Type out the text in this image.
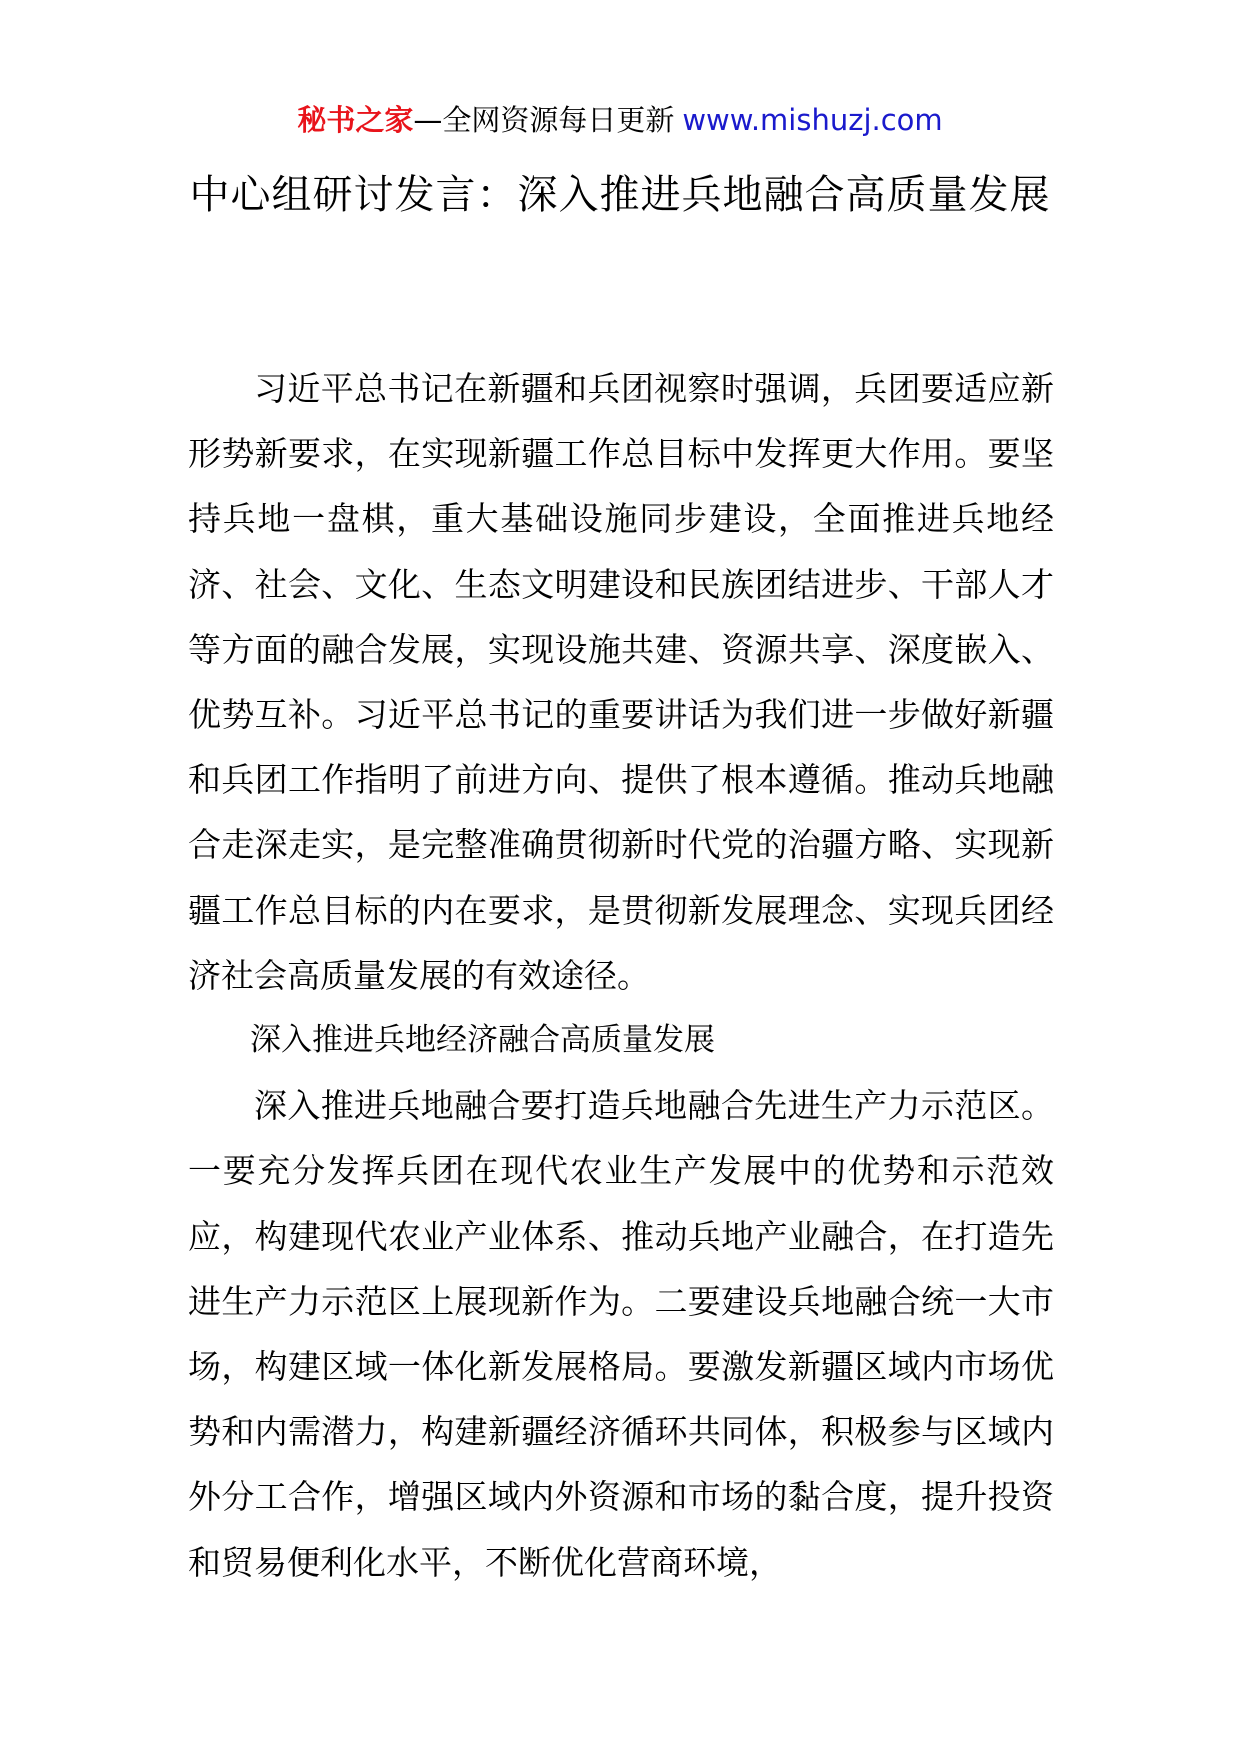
秘书之家—全网资源每日更新 www.mishuzj.com
中心组研讨发言：深入推进兵地融合高质量发展

习近平总书记在新疆和兵团视察时强调，兵团要适应新形势新要求，在实现新疆工作总目标中发挥更大作用。要坚持兵地一盘棋，重大基础设施同步建设，全面推进兵地经济、社会、文化、生态文明建设和民族团结进步、干部人才等方面的融合发展，实现设施共建、资源共享、深度嵌入、优势互补。习近平总书记的重要讲话为我们进一步做好新疆和兵团工作指明了前进方向、提供了根本遵循。推动兵地融合走深走实，是完整准确贯彻新时代党的治疆方略、实现新疆工作总目标的内在要求，是贯彻新发展理念、实现兵团经济社会高质量发展的有效途径。

深入推进兵地经济融合高质量发展

深入推进兵地融合要打造兵地融合先进生产力示范区。一要充分发挥兵团在现代农业生产发展中的优势和示范效应，构建现代农业产业体系、推动兵地产业融合，在打造先进生产力示范区上展现新作为。二要建设兵地融合统一大市场，构建区域一体化新发展格局。要激发新疆区域内市场优势和内需潜力，构建新疆经济循环共同体，积极参与区域内外分工合作，增强区域内外资源和市场的黏合度，提升投资和贸易便利化水平，不断优化营商环境，
